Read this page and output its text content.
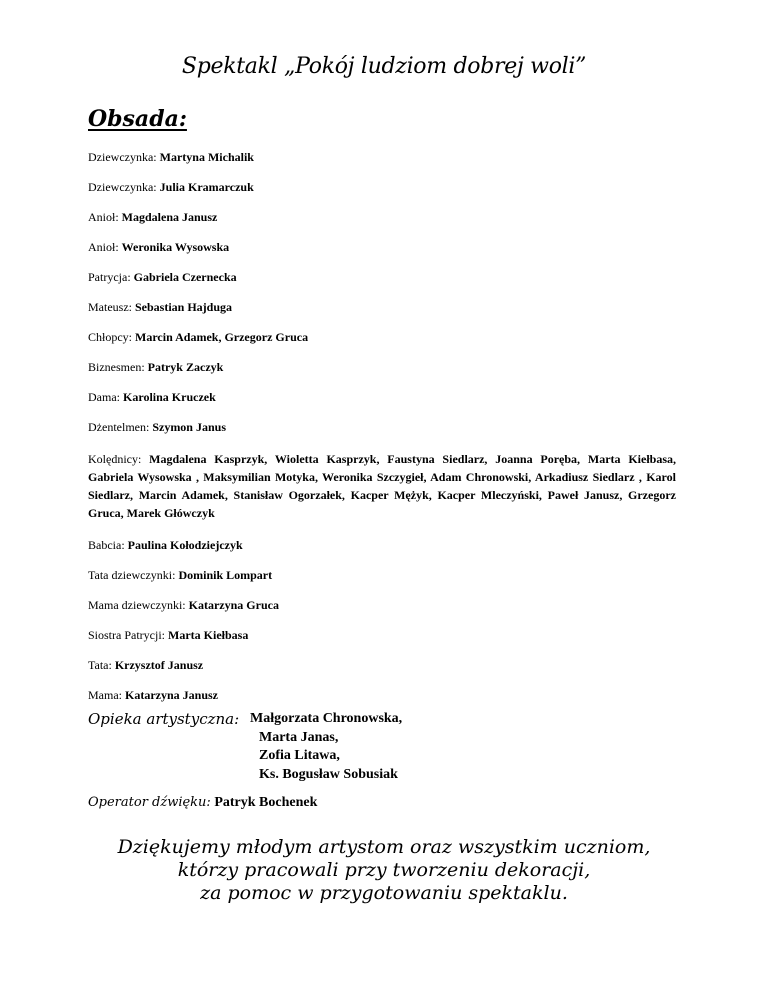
Spektakl „Pokój ludziom dobrej woli”
Obsada:
Dziewczynka: Martyna Michalik
Dziewczynka: Julia Kramarczuk
Anioł: Magdalena Janusz
Anioł: Weronika Wysowska
Patrycja: Gabriela Czernecka
Mateusz: Sebastian Hajduga
Chłopcy: Marcin Adamek, Grzegorz Gruca
Biznesmen: Patryk Zaczyk
Dama: Karolina Kruczek
Dżentelmen: Szymon Janus
Kolędnicy: Magdalena Kasprzyk, Wioletta Kasprzyk, Faustyna Siedlarz, Joanna Poręba, Marta Kiełbasa, Gabriela Wysowska , Maksymilian Motyka, Weronika Szczygieł, Adam Chronowski, Arkadiusz Siedlarz , Karol Siedlarz, Marcin Adamek, Stanisław Ogorzałek, Kacper Mężyk, Kacper Mleczyński, Paweł Janusz, Grzegorz Gruca, Marek Główczyk
Babcia: Paulina Kołodziejczyk
Tata dziewczynki: Dominik Lompart
Mama dziewczynki: Katarzyna Gruca
Siostra Patrycji: Marta Kiełbasa
Tata: Krzysztof Janusz
Mama: Katarzyna Janusz
Opieka artystyczna: Małgorzata Chronowska,
Marta Janas,
Zofia Litawa,
Ks. Bogusław Sobusiak
Operator dźwięku: Patryk Bochenek
Dziękujemy młodym artystom oraz wszystkim uczniom,
którzy pracowali przy tworzeniu dekoracji,
za pomoc w przygotowaniu spektaklu.
